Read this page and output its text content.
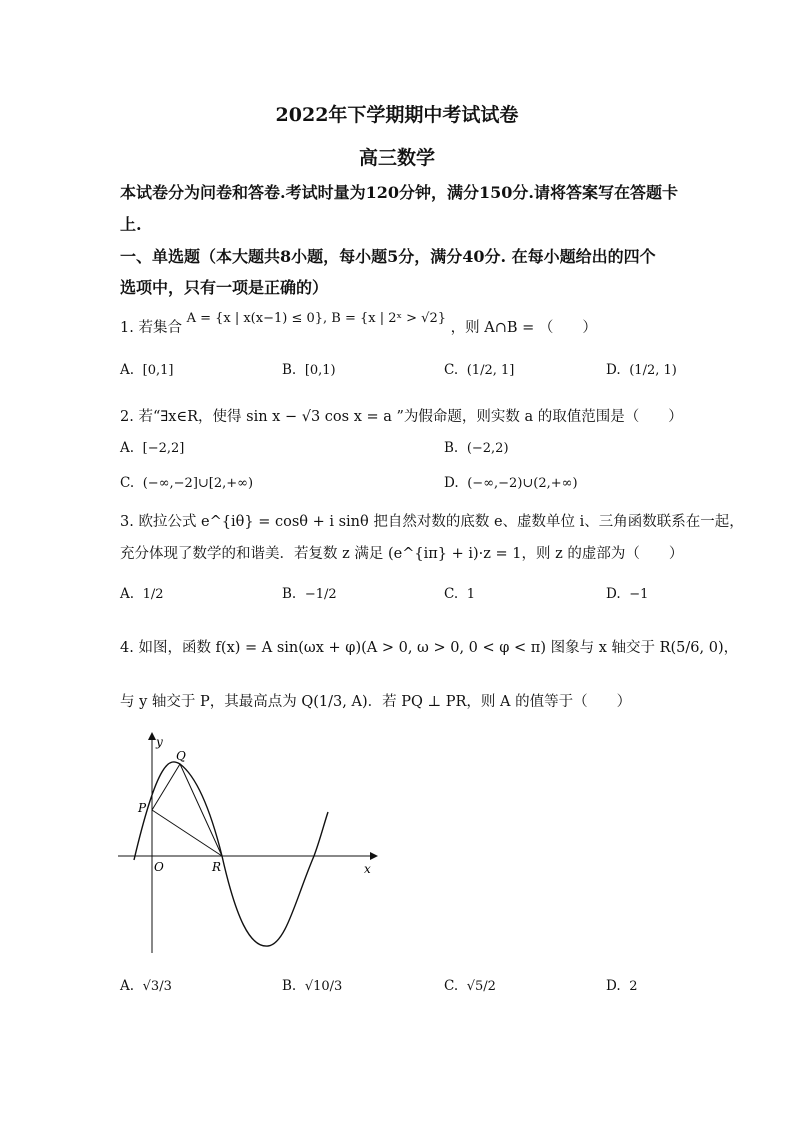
2022年下学期期中考试试卷
高三数学
本试卷分为问卷和答卷.考试时量为120分钟，满分150分.请将答案写在答题卡
上.
一、单选题（本大题共8小题，每小题5分，满分40分. 在每小题给出的四个
选项中，只有一项是正确的）
1. 若集合 A = {x | x(x−1) ≤ 0}, B = {x | 2ˣ > √2} ，则 A∩B = （　　）
A. [0,1]	B. [0,1)	C. (1/2, 1]	D. (1/2, 1)
2. 若“∃x∈R，使得 sin x − √3 cos x = a ”为假命题，则实数 a 的取值范围是（　　）
A. [−2,2]	B. (−2,2)
C. (−∞,−2]∪[2,+∞)	D. (−∞,−2)∪(2,+∞)
3. 欧拉公式 e^{iθ} = cosθ + i sinθ 把自然对数的底数 e、虚数单位 i、三角函数联系在一起，
充分体现了数学的和谐美．若复数 z 满足 (e^{iπ} + i)·z = 1，则 z 的虚部为（　　）
A. 1/2	B. −1/2	C. 1	D. −1
4. 如图，函数 f(x) = A sin(ωx + φ)(A > 0, ω > 0, 0 < φ < π) 图象与 x 轴交于 R(5/6, 0)，
与 y 轴交于 P，其最高点为 Q(1/3, A)．若 PQ ⊥ PR，则 A 的值等于（　　）
y
x
Q
P
O	R
A. √3/3	B. √10/3	C. √5/2	D. 2
